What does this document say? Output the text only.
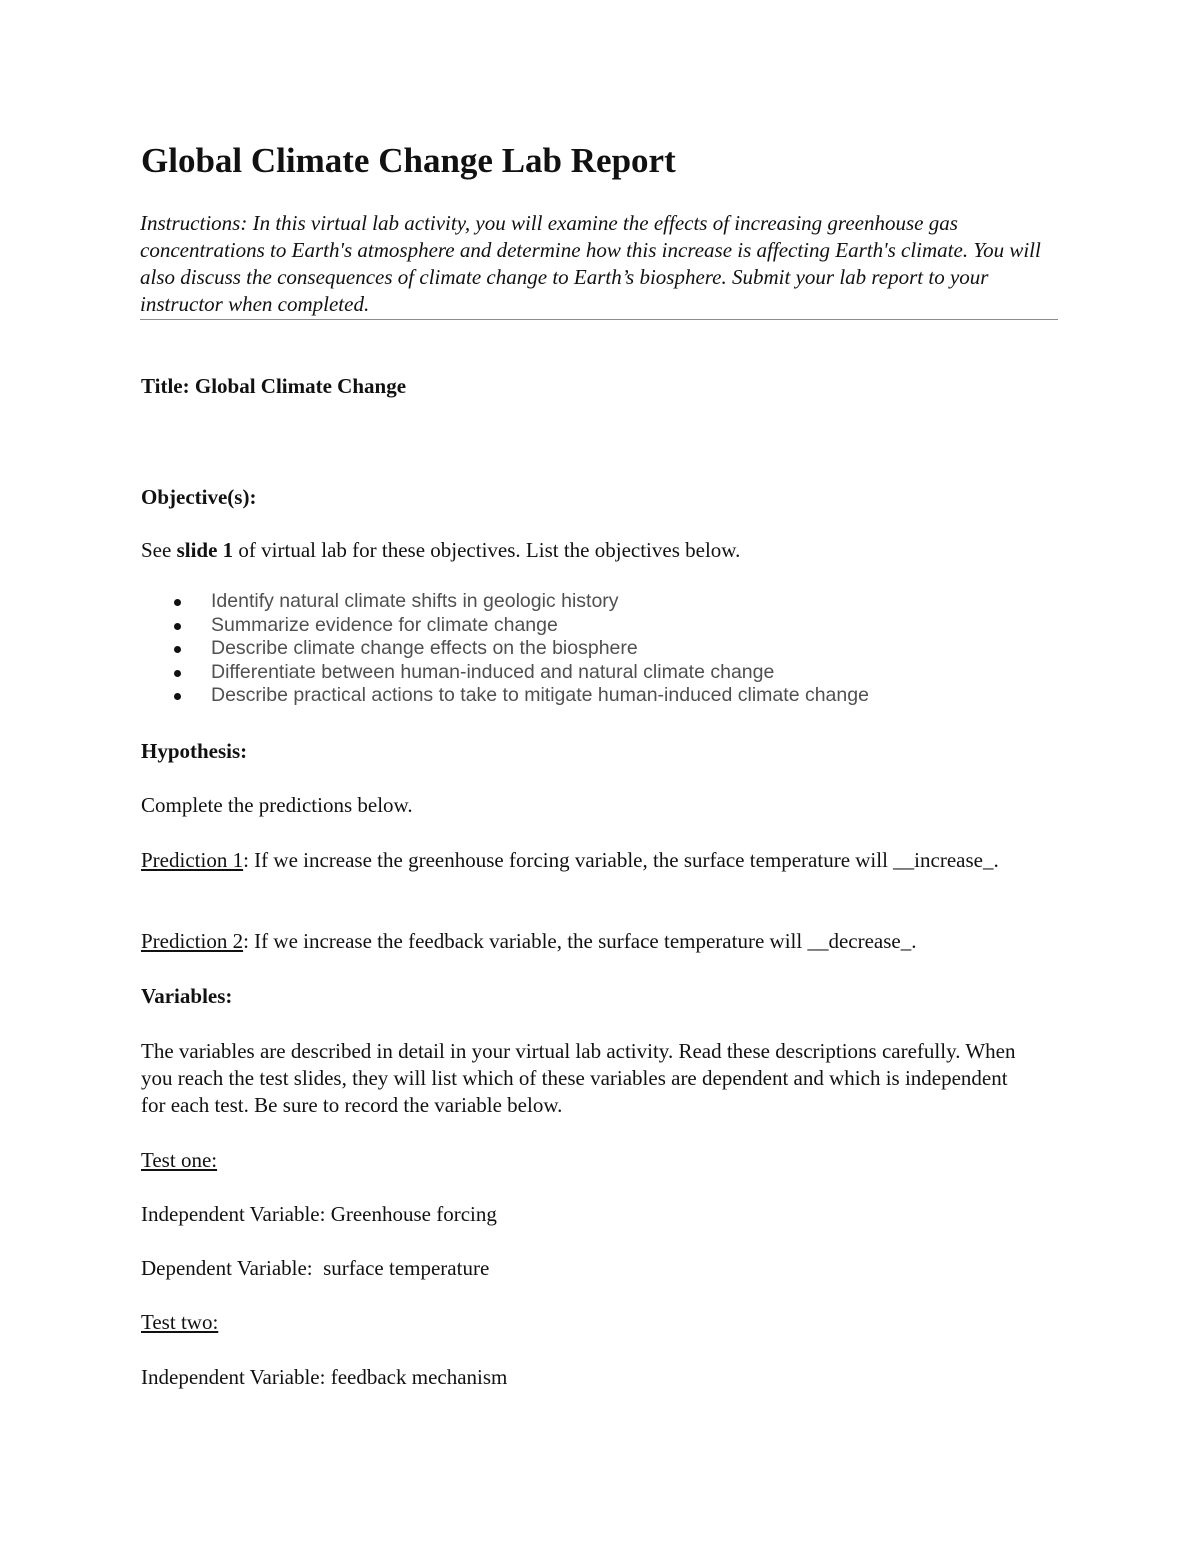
Global Climate Change Lab Report

Instructions: In this virtual lab activity, you will examine the effects of increasing greenhouse gas concentrations to Earth's atmosphere and determine how this increase is affecting Earth's climate. You will also discuss the consequences of climate change to Earth’s biosphere. Submit your lab report to your instructor when completed.

Title: Global Climate Change

Objective(s):

See slide 1 of virtual lab for these objectives. List the objectives below.

Identify natural climate shifts in geologic history
Summarize evidence for climate change
Describe climate change effects on the biosphere
Differentiate between human-induced and natural climate change
Describe practical actions to take to mitigate human-induced climate change

Hypothesis:

Complete the predictions below.

Prediction 1: If we increase the greenhouse forcing variable, the surface temperature will __increase_.

Prediction 2: If we increase the feedback variable, the surface temperature will __decrease_.

Variables:

The variables are described in detail in your virtual lab activity. Read these descriptions carefully. When you reach the test slides, they will list which of these variables are dependent and which is independent for each test. Be sure to record the variable below.

Test one:

Independent Variable: Greenhouse forcing

Dependent Variable:  surface temperature

Test two:

Independent Variable: feedback mechanism
